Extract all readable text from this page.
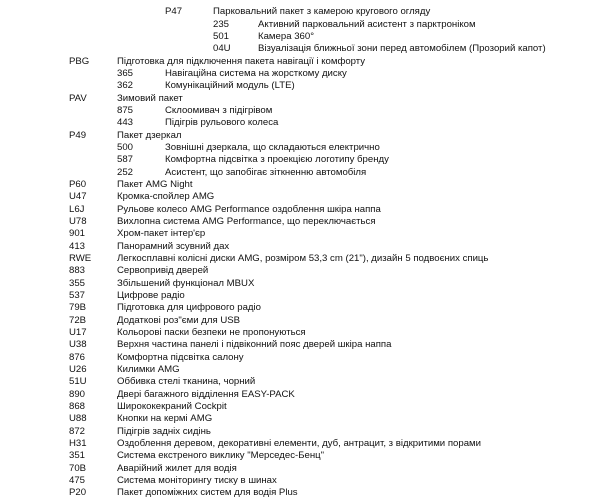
P47	Парковальний пакет з камерою кругового огляду
235	Активний парковальний асистент з парктроніком
501	Камера 360°
04U	Візуалізація ближньої зони перед автомобілем (Прозорий капот)
PBG	Підготовка для підключення пакета навігації і комфорту
365	Навігаційна система на жорсткому диску
362	Комунікаційний модуль (LTE)
PAV	Зимовий пакет
875	Склоомивач з підігрівом
443	Підігрів рульового колеса
P49	Пакет дзеркал
500	Зовнішні дзеркала, що складаються електрично
587	Комфортна підсвітка з проекцією логотипу бренду
252	Асистент, що запобігає зіткненню автомобіля
P60	Пакет AMG Night
U47	Кромка-спойлер AMG
L6J	Рульове колесо AMG Performance оздоблення шкіра наппа
U78	Вихлопна система AMG Performance, що переключається
901	Хром-пакет інтер'єр
413	Панорамний зсувний дах
RWE	Легкосплавні колісні диски AMG, розміром 53,3 cm (21"), дизайн 5 подвоєних спиць
883	Сервопривід дверей
355	Збільшений функціонал MBUX
537	Цифрове радіо
79B	Підготовка для цифрового радіо
72B	Додаткові роз"єми для USB
U17	Кольорові паски безпеки не пропонуються
U38	Верхня частина панелі і підвіконний пояс дверей шкіра наппа
876	Комфортна підсвітка салону
U26	Килимки AMG
51U	Оббивка стелі тканина, чорний
890	Двері багажного відділення EASY-PACK
868	Ширококекраний Cockpit
U88	Кнопки на кермі AMG
872	Підігрів задніх сидінь
H31	Оздоблення деревом, декоративні елементи, дуб, антрацит, з відкритими порами
351	Система екстреного виклику "Мерседес-Бенц"
70B	Аварійний жилет для водія
475	Система моніторингу тиску в шинах
P20	Пакет допоміжних систем для водія Plus
